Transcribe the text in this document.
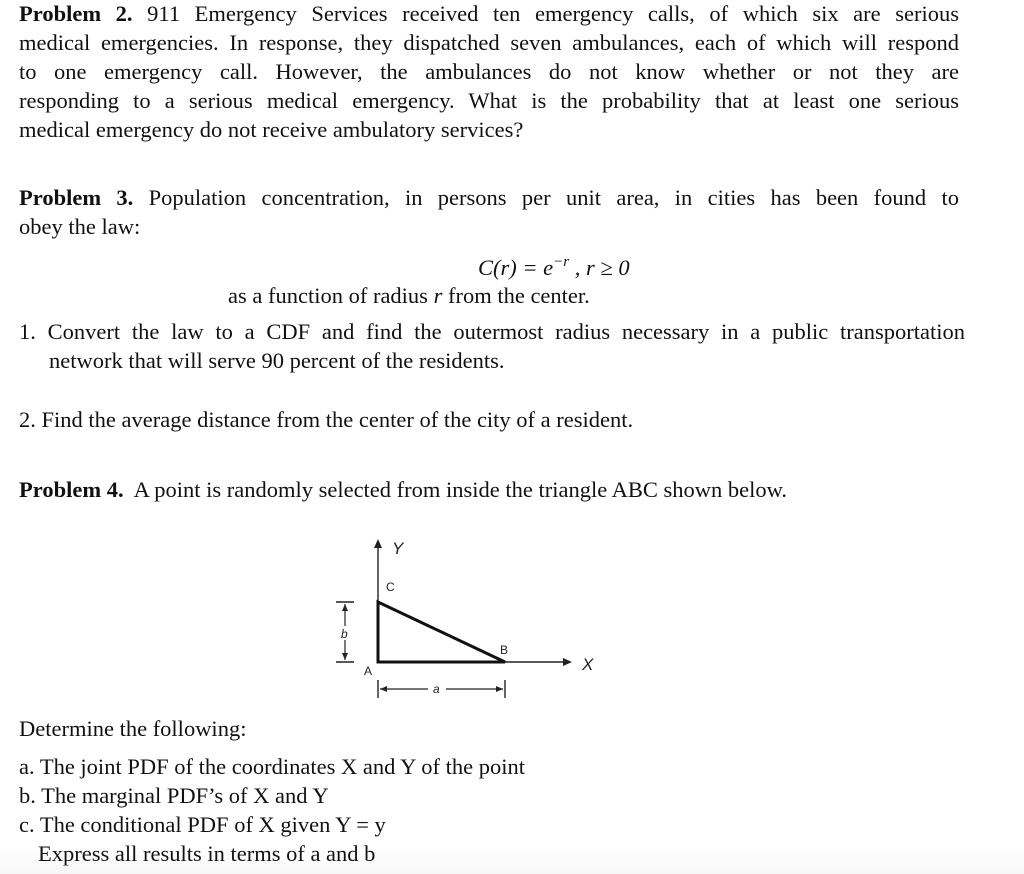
Problem 2. 911 Emergency Services received ten emergency calls, of which six are serious
medical emergencies. In response, they dispatched seven ambulances, each of which will respond
to one emergency call. However, the ambulances do not know whether or not they are
responding to a serious medical emergency. What is the probability that at least one serious
medical emergency do not receive ambulatory services?
Problem 3. Population concentration, in persons per unit area, in cities has been found to
obey the law:
$C(r) = e^{-r}$ , r ≥ 0
as a function of radius r from the center.
1. Convert the law to a CDF and find the outermost radius necessary in a public transportation
network that will serve 90 percent of the residents.
2. Find the average distance from the center of the city of a resident.
Problem 4. A point is randomly selected from inside the triangle ABC shown below.
Y
X
C
B
A
b
a
Determine the following:
a. The joint PDF of the coordinates X and Y of the point
b. The marginal PDF’s of X and Y
c. The conditional PDF of X given Y = y
Express all results in terms of a and b
